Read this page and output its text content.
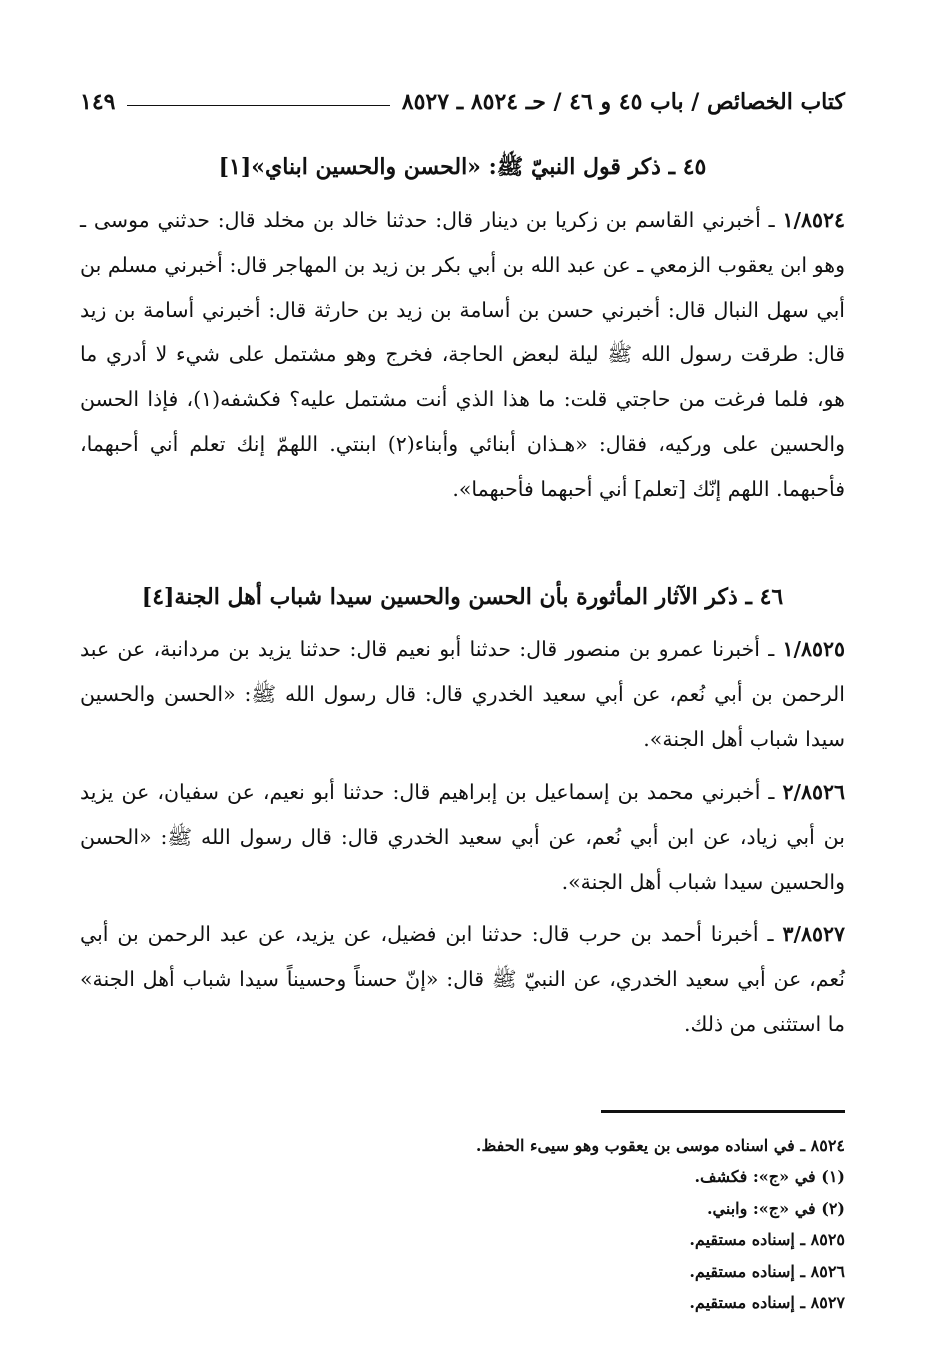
كتاب الخصائص / باب ٤٥ و ٤٦ / حـ ٨٥٢٤ ـ ٨٥٢٧
١٤٩
٤٥ ـ ذكر قول النبيّ ﷺ: «الحسن والحسين ابناي»[١]
١/٨٥٢٤ ـ أخبرني القاسم بن زكريا بن دينار قال: حدثنا خالد بن مخلد قال: حدثني موسى ـ وهو ابن يعقوب الزمعي ـ عن عبد الله بن أبي بكر بن زيد بن المهاجر قال: أخبرني مسلم بن أبي سهل النبال قال: أخبرني حسن بن أسامة بن زيد بن حارثة قال: أخبرني أسامة بن زيد قال: طرقت رسول الله ﷺ ليلة لبعض الحاجة، فخرج وهو مشتمل على شيء لا أدري ما هو، فلما فرغت من حاجتي قلت: ما هذا الذي أنت مشتمل عليه؟ فكشفه(١)، فإذا الحسن والحسين على وركيه، فقال: «هـذان أبنائي وأبناء(٢) ابنتي. اللهمّ إنك تعلم أني أحبهما، فأحبهما. اللهم إنّك [تعلم] أني أحبهما فأحبهما».
٤٦ ـ ذكر الآثار المأثورة بأن الحسن والحسين سيدا شباب أهل الجنة[٤]
١/٨٥٢٥ ـ أخبرنا عمرو بن منصور قال: حدثنا أبو نعيم قال: حدثنا يزيد بن مردانبة، عن عبد الرحمن بن أبي نُعم، عن أبي سعيد الخدري قال: قال رسول الله ﷺ: «الحسن والحسين سيدا شباب أهل الجنة».
٢/٨٥٢٦ ـ أخبرني محمد بن إسماعيل بن إبراهيم قال: حدثنا أبو نعيم، عن سفيان، عن يزيد بن أبي زياد، عن ابن أبي نُعم، عن أبي سعيد الخدري قال: قال رسول الله ﷺ: «الحسن والحسين سيدا شباب أهل الجنة».
٣/٨٥٢٧ ـ أخبرنا أحمد بن حرب قال: حدثنا ابن فضيل، عن يزيد، عن عبد الرحمن بن أبي نُعم، عن أبي سعيد الخدري، عن النبيّ ﷺ قال: «إنّ حسناً وحسيناً سيدا شباب أهل الجنة» ما استثنى من ذلك.
٨٥٢٤ ـ في اسناده موسى بن يعقوب وهو سيىء الحفظ.
(١) في «ج»: فكشف.
(٢) في «ج»: وابني.
٨٥٢٥ ـ إسناده مستقيم.
٨٥٢٦ ـ إسناده مستقيم.
٨٥٢٧ ـ إسناده مستقيم.
